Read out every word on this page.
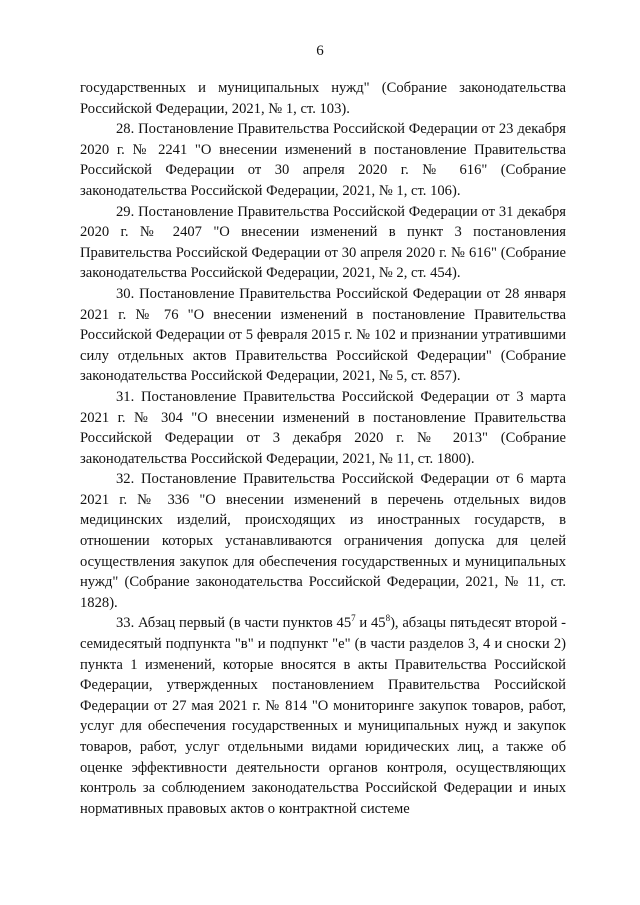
6

государственных и муниципальных нужд" (Собрание законодательства Российской Федерации, 2021, № 1, ст. 103).

28. Постановление Правительства Российской Федерации от 23 декабря 2020 г. № 2241 "О внесении изменений в постановление Правительства Российской Федерации от 30 апреля 2020 г. № 616" (Собрание законодательства Российской Федерации, 2021, № 1, ст. 106).

29. Постановление Правительства Российской Федерации от 31 декабря 2020 г. № 2407 "О внесении изменений в пункт 3 постановления Правительства Российской Федерации от 30 апреля 2020 г. № 616" (Собрание законодательства Российской Федерации, 2021, № 2, ст. 454).

30. Постановление Правительства Российской Федерации от 28 января 2021 г. № 76 "О внесении изменений в постановление Правительства Российской Федерации от 5 февраля 2015 г. № 102 и признании утратившими силу отдельных актов Правительства Российской Федерации" (Собрание законодательства Российской Федерации, 2021, № 5, ст. 857).

31. Постановление Правительства Российской Федерации от 3 марта 2021 г. № 304 "О внесении изменений в постановление Правительства Российской Федерации от 3 декабря 2020 г. № 2013" (Собрание законодательства Российской Федерации, 2021, № 11, ст. 1800).

32. Постановление Правительства Российской Федерации от 6 марта 2021 г. № 336 "О внесении изменений в перечень отдельных видов медицинских изделий, происходящих из иностранных государств, в отношении которых устанавливаются ограничения допуска для целей осуществления закупок для обеспечения государственных и муниципальных нужд" (Собрание законодательства Российской Федерации, 2021, № 11, ст. 1828).

33. Абзац первый (в части пунктов $45^7$ и $45^8$), абзацы пятьдесят второй - семидесятый подпункта "в" и подпункт "е" (в части разделов 3, 4 и сноски 2) пункта 1 изменений, которые вносятся в акты Правительства Российской Федерации, утвержденных постановлением Правительства Российской Федерации от 27 мая 2021 г. № 814 "О мониторинге закупок товаров, работ, услуг для обеспечения государственных и муниципальных нужд и закупок товаров, работ, услуг отдельными видами юридических лиц, а также об оценке эффективности деятельности органов контроля, осуществляющих контроль за соблюдением законодательства Российской Федерации и иных нормативных правовых актов о контрактной системе
